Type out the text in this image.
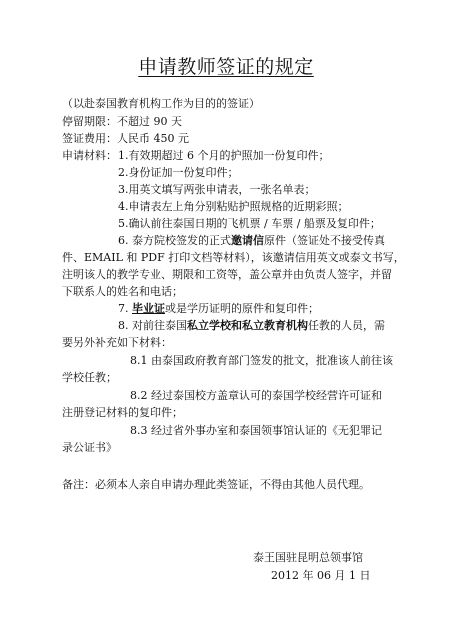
申请教师签证的规定
（以赴泰国教育机构工作为目的的签证）
停留期限：不超过 90 天
签证费用：人民币 450 元
申请材料： 1.有效期超过 6 个月的护照加一份复印件；
2.身份证加一份复印件；
3.用英文填写两张申请表，一张名单表；
4.申请表左上角分别粘贴护照规格的近期彩照；
5.确认前往泰国日期的飞机票 / 车票 / 船票及复印件；
6. 泰方院校签发的正式邀请信原件（签证处不接受传真
件、EMAIL 和 PDF 打印文档等材料），该邀请信用英文或泰文书写，
注明该人的教学专业、期限和工资等，盖公章并由负责人签字，并留
下联系人的姓名和电话；
7. 毕业证或是学历证明的原件和复印件；
8. 对前往泰国私立学校和私立教育机构任教的人员，需
要另外补充如下材料：
8.1 由泰国政府教育部门签发的批文，批准该人前往该
学校任教；
8.2 经过泰国校方盖章认可的泰国学校经营许可证和
注册登记材料的复印件；
8.3 经过省外事办室和泰国领事馆认证的《无犯罪记
录公证书》
备注：必须本人亲自申请办理此类签证，不得由其他人员代理。
泰王国驻昆明总领事馆
2012 年 06 月 1 日
